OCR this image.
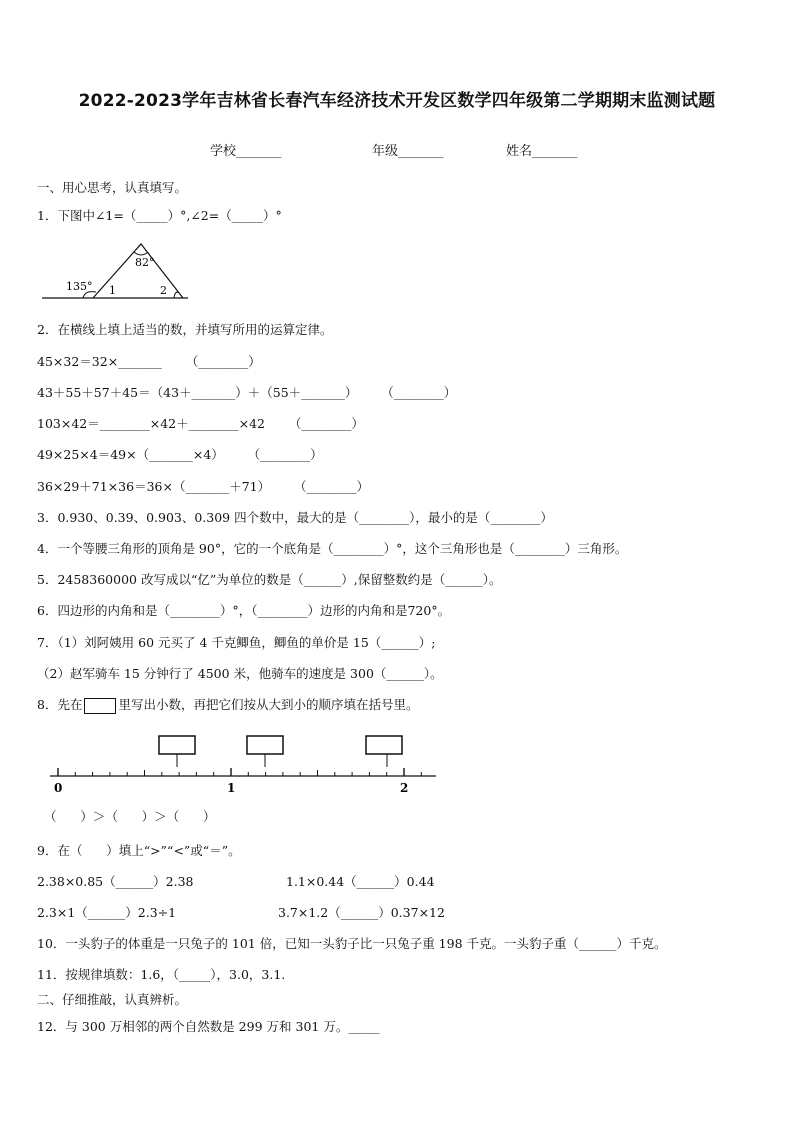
2022-2023学年吉林省长春汽车经济技术开发区数学四年级第二学期期末监测试题
学校_______	年级_______	姓名_______
一、用心思考，认真填写。
1．下图中∠1=（_____）°,∠2=（_____）°
82°
135° 1	2
2．在横线上填上适当的数，并填写所用的运算定律。
45×32＝32×_______      （________）
43＋55＋57＋45＝（43＋_______）＋（55＋_______）      （________）
103×42＝________×42＋________×42      （________）
49×25×4＝49×（_______×4）      （________）
36×29＋71×36＝36×（_______＋71）      （________）
3．0.930、0.39、0.903、0.309 四个数中，最大的是（________），最小的是（________）
4．一个等腰三角形的顶角是 90°，它的一个底角是（________）°，这个三角形也是（________）三角形。
5．2458360000 改写成以“亿”为单位的数是（______）,保留整数约是（______）。
6．四边形的内角和是（________）°，（________）边形的内角和是720°。
7．（1）刘阿姨用 60 元买了 4 千克鲫鱼，鲫鱼的单价是 15（______）;
（2）赵军骑车 15 分钟行了 4500 米，他骑车的速度是 300（______）。
8．先在	里写出小数，再把它们按从大到小的顺序填在括号里。
0	1	2
（      ）＞（      ）＞（      ）
9．在（      ）填上“>”“<”或“＝”。
2.38×0.85（______）2.38	1.1×0.44（______）0.44
2.3×1（______）2.3÷1	3.7×1.2（______）0.37×12
10．一头豹子的体重是一只兔子的 101 倍，已知一头豹子比一只兔子重 198 千克。一头豹子重（______）千克。
11．按规律填数：1.6，（_____），3.0，3.1.
二、仔细推敲，认真辨析。
12．与 300 万相邻的两个自然数是 299 万和 301 万。_____
